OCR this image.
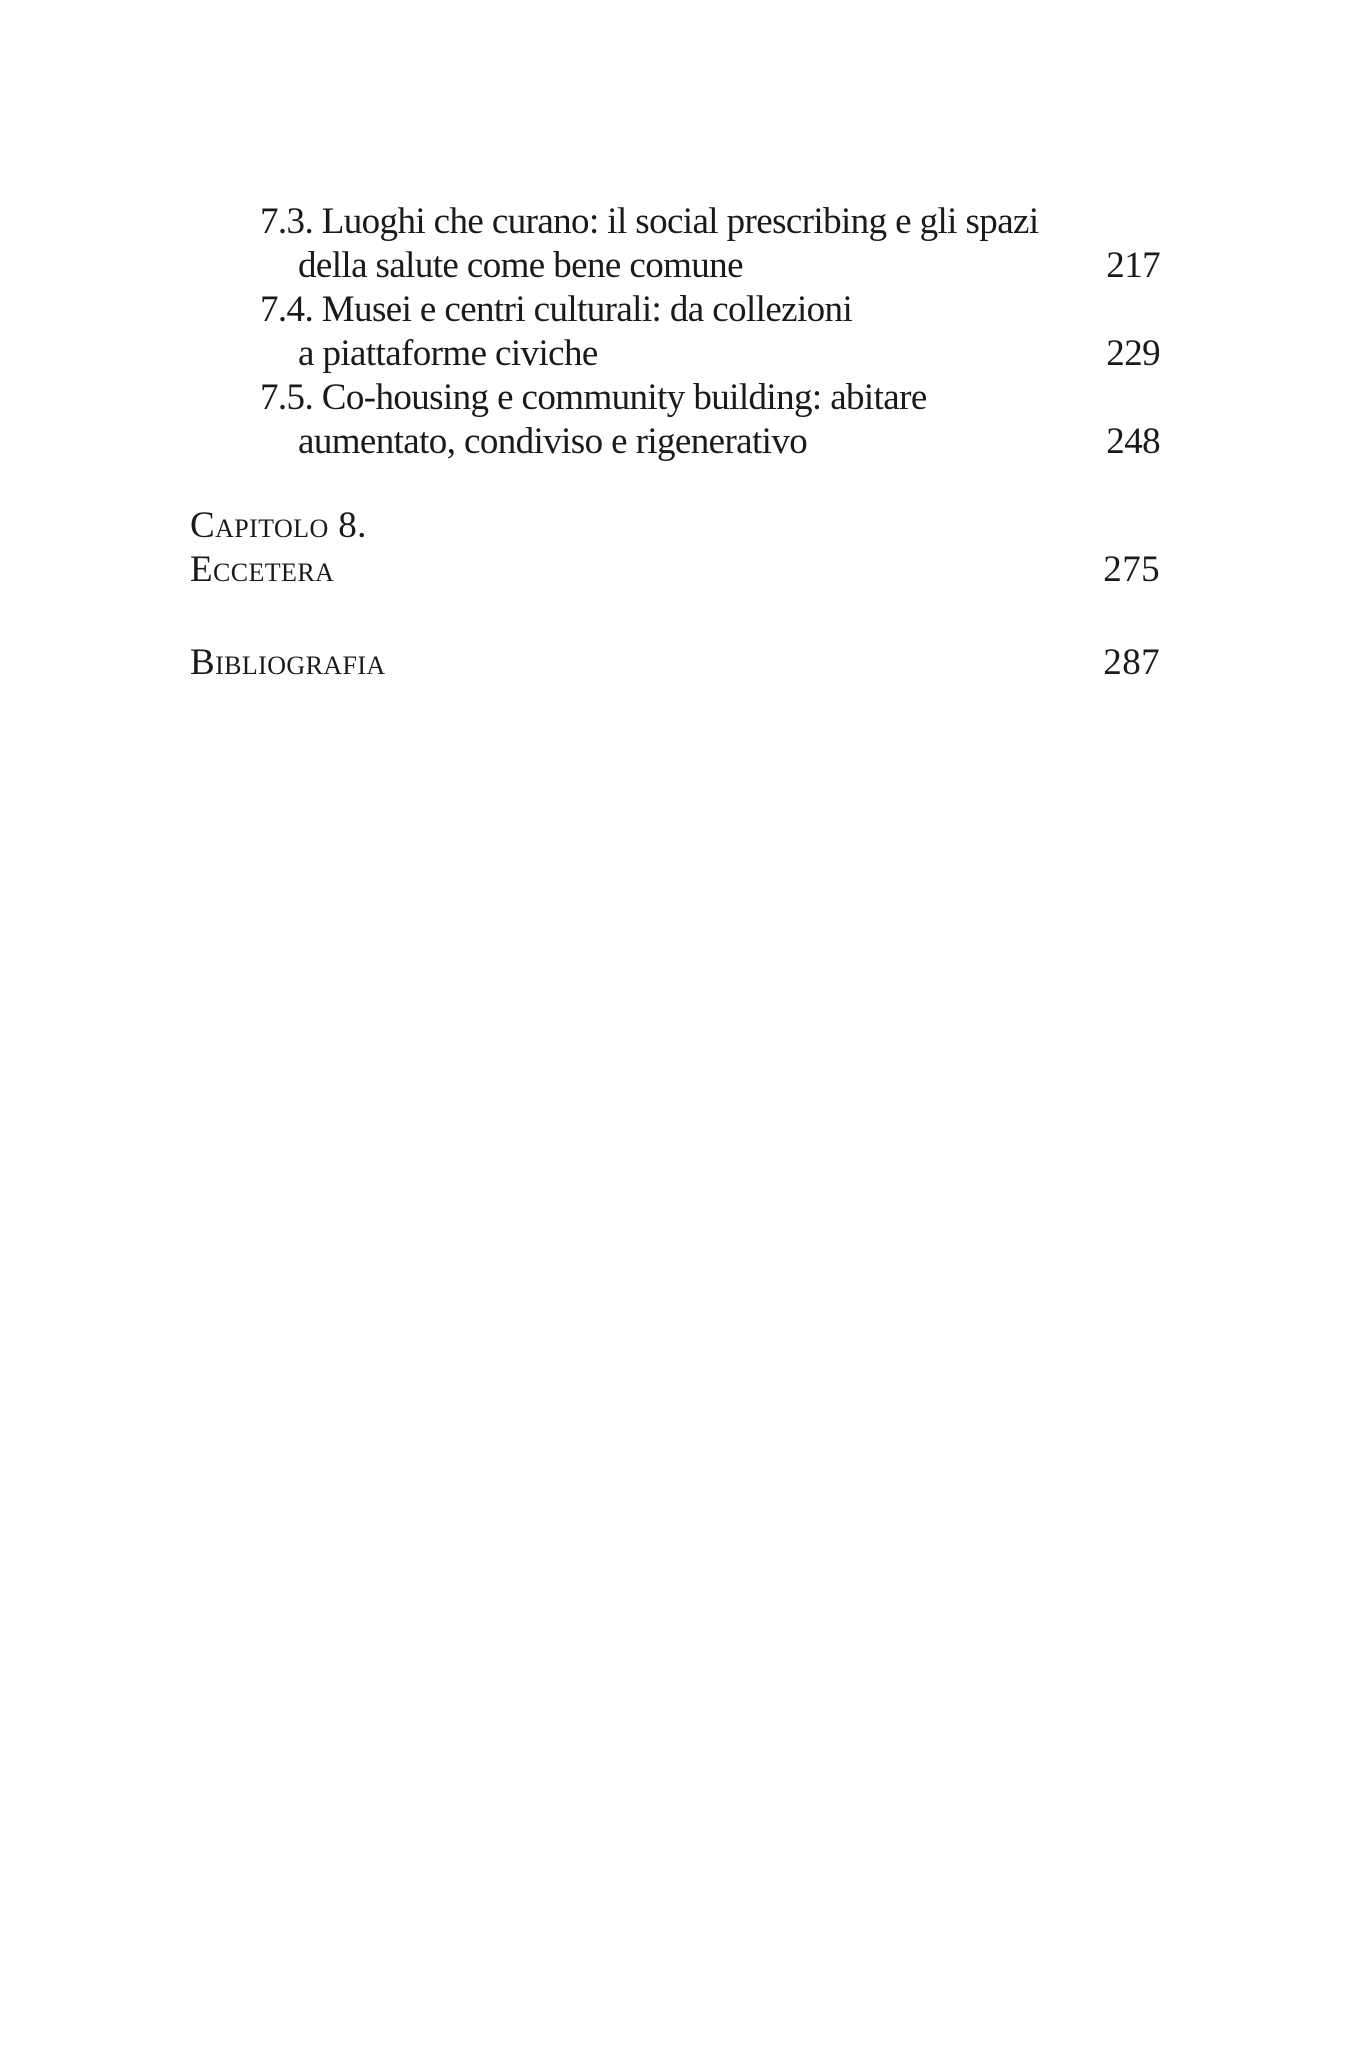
7.3. Luoghi che curano: il social prescribing e gli spazi
della salute come bene comune	217
7.4. Musei e centri culturali: da collezioni
a piattaforme civiche	229
7.5. Co-housing e community building: abitare
aumentato, condiviso e rigenerativo	248
Capitolo 8.
Eccetera	275
Bibliografia	287
